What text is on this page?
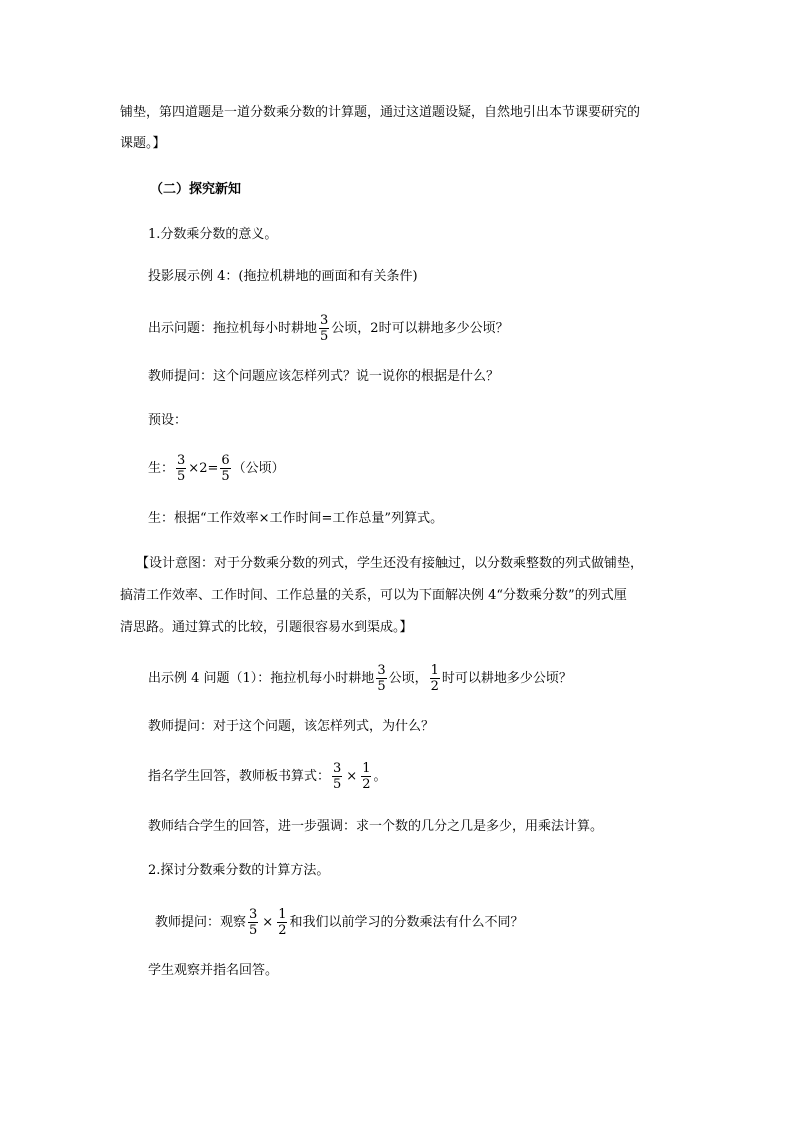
铺垫，第四道题是一道分数乘分数的计算题，通过这道题设疑，自然地引出本节课要研究的
课题。】
（二）探究新知
1.分数乘分数的意义。
投影展示例 4：(拖拉机耕地的画面和有关条件)
出示问题：拖拉机每小时耕地 $\frac{3}{5}$ 公顷，2时可以耕地多少公顷？
教师提问：这个问题应该怎样列式？说一说你的根据是什么？
预设：
生： $\frac{3}{5} \times 2= \frac{6}{5}$ （公顷）
生：根据“工作效率×工作时间=工作总量”列算式。
【设计意图：对于分数乘分数的列式，学生还没有接触过，以分数乘整数的列式做铺垫，
搞清工作效率、工作时间、工作总量的关系，可以为下面解决例 4“分数乘分数”的列式厘
清思路。通过算式的比较，引题很容易水到渠成。】
出示例 4 问题（1）：拖拉机每小时耕地 $\frac{3}{5}$ 公顷， $\frac{1}{2}$ 时可以耕地多少公顷？
教师提问：对于这个问题，该怎样列式，为什么？
指名学生回答，教师板书算式： $\frac{3}{5} \times \frac{1}{2}$ 。
教师结合学生的回答，进一步强调：求一个数的几分之几是多少，用乘法计算。
2.探讨分数乘分数的计算方法。
教师提问：观察 $\frac{3}{5} \times \frac{1}{2}$ 和我们以前学习的分数乘法有什么不同？
学生观察并指名回答。
